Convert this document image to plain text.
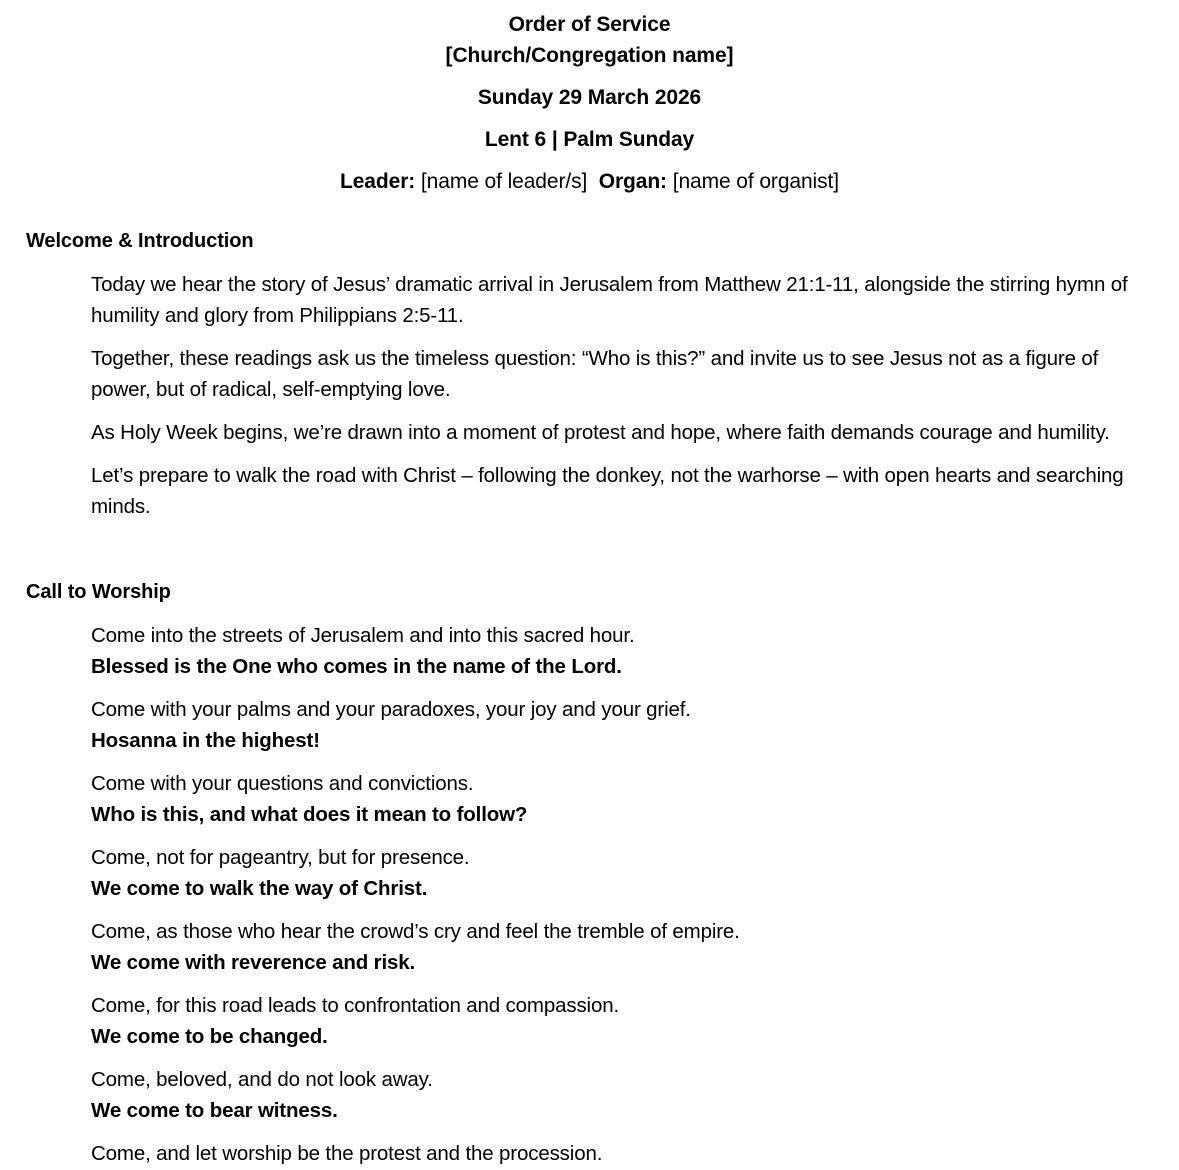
Order of Service
[Church/Congregation name]
Sunday 29 March 2026
Lent 6 | Palm Sunday
Leader: [name of leader/s] Organ: [name of organist]
Welcome & Introduction
Today we hear the story of Jesus’ dramatic arrival in Jerusalem from Matthew 21:1-11, alongside the stirring hymn of humility and glory from Philippians 2:5-11.
Together, these readings ask us the timeless question: “Who is this?” and invite us to see Jesus not as a figure of power, but of radical, self-emptying love.
As Holy Week begins, we’re drawn into a moment of protest and hope, where faith demands courage and humility.
Let’s prepare to walk the road with Christ – following the donkey, not the warhorse – with open hearts and searching minds.
Call to Worship
Come into the streets of Jerusalem and into this sacred hour.
Blessed is the One who comes in the name of the Lord.
Come with your palms and your paradoxes, your joy and your grief.
Hosanna in the highest!
Come with your questions and convictions.
Who is this, and what does it mean to follow?
Come, not for pageantry, but for presence.
We come to walk the way of Christ.
Come, as those who hear the crowd’s cry and feel the tremble of empire.
We come with reverence and risk.
Come, for this road leads to confrontation and compassion.
We come to be changed.
Come, beloved, and do not look away.
We come to bear witness.
Come, and let worship be the protest and the procession.
